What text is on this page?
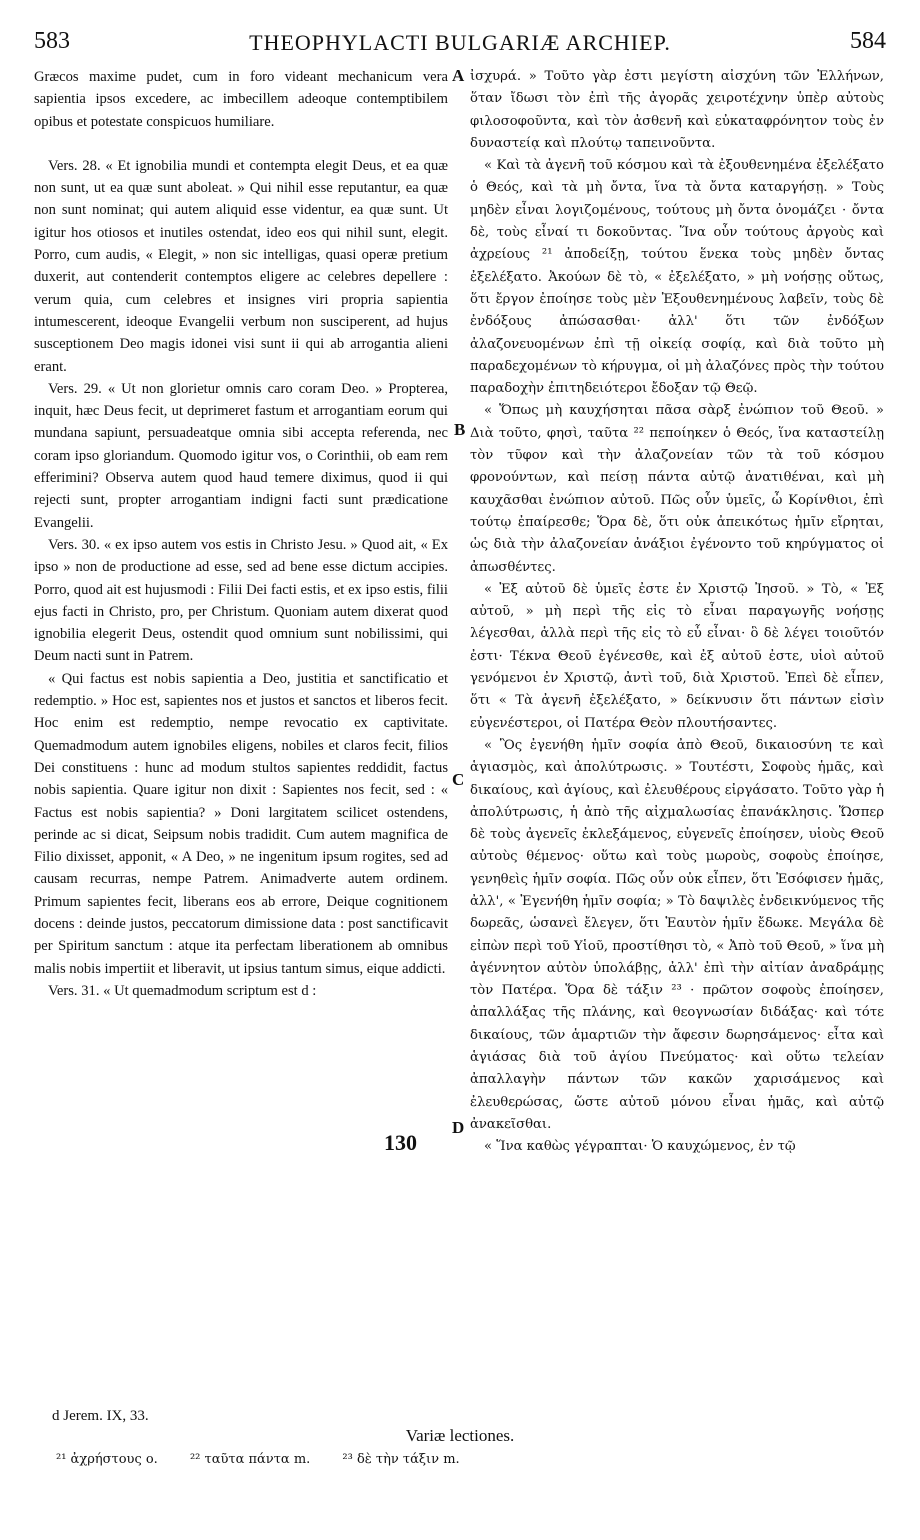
583	THEOPHYLACTI BULGARIÆ ARCHIEP.	584

Græcos maxime pudet, cum in foro videant mechanicum vera sapientia ipsos excedere, ac imbecillem adeoque contemptibilem opibus et potestate conspicuos humiliare.

Vers. 28. « Et ignobilia mundi et contempta elegit Deus, et ea quæ non sunt, ut ea quæ sunt aboleat. » Qui nihil esse reputantur, ea quæ non sunt nominat; qui autem aliquid esse videntur, ea quæ sunt. Ut igitur hos otiosos et inutiles ostendat, ideo eos qui nihil sunt, elegit. Porro, cum audis, « Elegit, » non sic intelligas, quasi operæ pretium duxerit, aut contenderit contemptos eligere ac celebres depellere : verum quia, cum celebres et insignes viri propria sapientia intumescerent, ideoque Evangelii verbum non susciperent, ad hujus susceptionem Deo magis idonei visi sunt ii qui ab arrogantia alieni erant.

Vers. 29. « Ut non glorietur omnis caro coram Deo. » Propterea, inquit, hæc Deus fecit, ut deprimeret fastum et arrogantiam eorum qui mundana sapiunt, persuadeatque omnia sibi accepta referenda, nec coram ipso gloriandum. Quomodo igitur vos, o Corinthii, ob eam rem efferimini? Observa autem quod haud temere diximus, quod ii qui rejecti sunt, propter arrogantiam indigni facti sunt prædicatione Evangelii.

Vers. 30. « ex ipso autem vos estis in Christo Jesu. » Quod ait, « Ex ipso » non de productione ad esse, sed ad bene esse dictum accipies. Porro, quod ait est hujusmodi : Filii Dei facti estis, et ex ipso estis, filii ejus facti in Christo, pro, per Christum. Quoniam autem dixerat quod ignobilia elegerit Deus, ostendit quod omnium sunt nobilissimi, qui Deum nacti sunt in Patrem.

« Qui factus est nobis sapientia a Deo, justitia et sanctificatio et redemptio. » Hoc est, sapientes nos et justos et sanctos et liberos fecit. Hoc enim est redemptio, nempe revocatio ex captivitate. Quemadmodum autem ignobiles eligens, nobiles et claros fecit, filios Dei constituens : hunc ad modum stultos sapientes reddidit, factus nobis sapientia. Quare igitur non dixit : Sapientes nos fecit, sed : « Factus est nobis sapientia? » Doni largitatem scilicet ostendens, perinde ac si dicat, Seipsum nobis tradidit. Cum autem magnifica de Filio dixisset, apponit, « A Deo, » ne ingenitum ipsum rogites, sed ad causam recurras, nempe Patrem. Animadverte autem ordinem. Primum sapientes fecit, liberans eos ab errore, Deique cognitionem docens : deinde justos, peccatorum dimissione data : post sanctificavit per Spiritum sanctum : atque ita perfectam liberationem ab omnibus malis nobis impertiit et liberavit, ut ipsius tantum simus, eique addicti.

Vers. 31. « Ut quemadmodum scriptum est d :

A
B
C
D

ἰσχυρά. » Τοῦτο γὰρ ἐστι μεγίστη αἰσχύνη τῶν Ἑλλήνων, ὅταν ἴδωσι τὸν ἐπὶ τῆς ἀγορᾶς χειροτέχνην ὑπὲρ αὐτοὺς φιλοσοφοῦντα, καὶ τὸν ἀσθενῆ καὶ εὐκαταφρόνητον τοὺς ἐν δυναστείᾳ καὶ πλούτῳ ταπεινοῦντα.

« Καὶ τὰ ἀγενῆ τοῦ κόσμου καὶ τὰ ἐξουθενημένα ἐξελέξατο ὁ Θεός, καὶ τὰ μὴ ὄντα, ἵνα τὰ ὄντα καταργήσῃ. » Τοὺς μηδὲν εἶναι λογιζομένους, τούτους μὴ ὄντα ὀνομάζει · ὄντα δὲ, τοὺς εἶναί τι δοκοῦντας. Ἵνα οὖν τούτους ἀργοὺς καὶ ἀχρείους ²¹ ἀποδείξῃ, τούτου ἕνεκα τοὺς μηδὲν ὄντας ἐξελέξατο. Ἀκούων δὲ τὸ, « ἐξελέξατο, » μὴ νοήσῃς οὕτως, ὅτι ἔργον ἐποίησε τοὺς μὲν Ἐξουθενημένους λαβεῖν, τοὺς δὲ ἐνδόξους ἀπώσασθαι· ἀλλ' ὅτι τῶν ἐνδόξων ἀλαζονευομένων ἐπὶ τῇ οἰκείᾳ σοφίᾳ, καὶ διὰ τοῦτο μὴ παραδεχομένων τὸ κήρυγμα, οἱ μὴ ἀλαζόνες πρὸς τὴν τούτου παραδοχὴν ἐπιτηδειότεροι ἔδοξαν τῷ Θεῷ.

« Ὅπως μὴ καυχήσηται πᾶσα σὰρξ ἐνώπιον τοῦ Θεοῦ. » Διὰ τοῦτο, φησὶ, ταῦτα ²² πεποίηκεν ὁ Θεός, ἵνα καταστείλῃ τὸν τῦφον καὶ τὴν ἀλαζονείαν τῶν τὰ τοῦ κόσμου φρονούντων, καὶ πείσῃ πάντα αὐτῷ ἀνατιθέναι, καὶ μὴ καυχᾶσθαι ἐνώπιον αὐτοῦ. Πῶς οὖν ὑμεῖς, ὦ Κορίνθιοι, ἐπὶ τούτῳ ἐπαίρεσθε; Ὅρα δὲ, ὅτι οὐκ ἀπεικότως ἡμῖν εἴρηται, ὡς διὰ τὴν ἀλαζονείαν ἀνάξιοι ἐγένοντο τοῦ κηρύγματος οἱ ἀπωσθέντες.

« Ἐξ αὐτοῦ δὲ ὑμεῖς ἐστε ἐν Χριστῷ Ἰησοῦ. » Τὸ, « Ἐξ αὐτοῦ, » μὴ περὶ τῆς εἰς τὸ εἶναι παραγωγῆς νοήσῃς λέγεσθαι, ἀλλὰ περὶ τῆς εἰς τὸ εὖ εἶναι· ὃ δὲ λέγει τοιοῦτόν ἐστι· Τέκνα Θεοῦ ἐγένεσθε, καὶ ἐξ αὐτοῦ ἐστε, υἱοὶ αὐτοῦ γενόμενοι ἐν Χριστῷ, ἀντὶ τοῦ, διὰ Χριστοῦ. Ἐπεὶ δὲ εἶπεν, ὅτι « Τὰ ἀγενῆ ἐξελέξατο, » δείκνυσιν ὅτι πάντων εἰσὶν εὐγενέστεροι, οἱ Πατέρα Θεὸν πλουτήσαντες.

« Ὃς ἐγενήθη ἡμῖν σοφία ἀπὸ Θεοῦ, δικαιοσύνη τε καὶ ἁγιασμὸς, καὶ ἀπολύτρωσις. » Τουτέστι, Σοφοὺς ἡμᾶς, καὶ δικαίους, καὶ ἁγίους, καὶ ἐλευθέρους εἰργάσατο. Τοῦτο γὰρ ἡ ἀπολύτρωσις, ἡ ἀπὸ τῆς αἰχμαλωσίας ἐπανάκλησις. Ὥσπερ δὲ τοὺς ἀγενεῖς ἐκλεξάμενος, εὐγενεῖς ἐποίησεν, υἱοὺς Θεοῦ αὐτοὺς θέμενος· οὕτω καὶ τοὺς μωροὺς, σοφοὺς ἐποίησε, γενηθεὶς ἡμῖν σοφία. Πῶς οὖν οὐκ εἶπεν, ὅτι Ἐσόφισεν ἡμᾶς, ἀλλ', « Ἐγενήθη ἡμῖν σοφία; » Τὸ δαψιλὲς ἐνδεικνύμενος τῆς δωρεᾶς, ὡσανεὶ ἔλεγεν, ὅτι Ἑαυτὸν ἡμῖν ἔδωκε. Μεγάλα δὲ εἰπὼν περὶ τοῦ Υἱοῦ, προστίθησι τὸ, « Ἀπὸ τοῦ Θεοῦ, » ἵνα μὴ ἀγέννητον αὐτὸν ὑπολάβῃς, ἀλλ' ἐπὶ τὴν αἰτίαν ἀναδράμῃς τὸν Πατέρα. Ὅρα δὲ τάξιν ²³ · πρῶτον σοφοὺς ἐποίησεν, ἀπαλλάξας τῆς πλάνης, καὶ θεογνωσίαν διδάξας· καὶ τότε δικαίους, τῶν ἁμαρτιῶν τὴν ἄφεσιν δωρησάμενος· εἶτα καὶ ἁγιάσας διὰ τοῦ ἁγίου Πνεύματος· καὶ οὕτω τελείαν ἀπαλλαγὴν πάντων τῶν κακῶν χαρισάμενος καὶ ἐλευθερώσας, ὥστε αὐτοῦ μόνου εἶναι ἡμᾶς, καὶ αὐτῷ ἀνακεῖσθαι.

« Ἵνα καθὼς γέγραπται· Ὁ καυχώμενος, ἐν τῷ

130
d Jerem. IX, 33.
Variæ lectiones.
²¹ ἀχρήστους ο. ²² ταῦτα πάντα m. ²³ δὲ τὴν τάξιν m.
